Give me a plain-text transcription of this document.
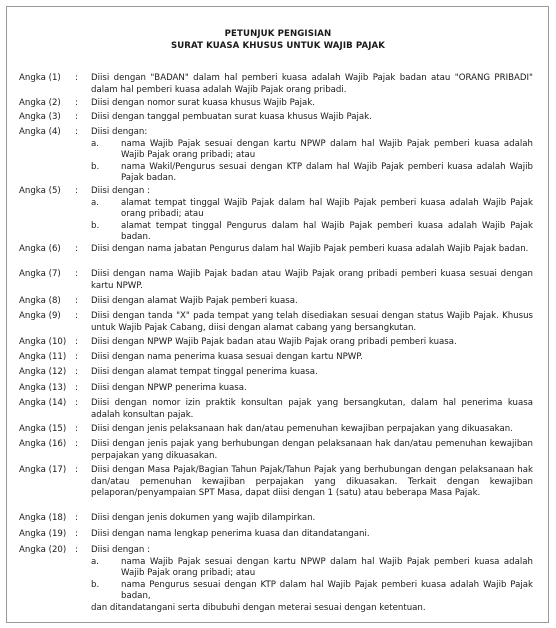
PETUNJUK PENGISIAN
SURAT KUASA KHUSUS UNTUK WAJIB PAJAK
Angka (1) : Diisi dengan "BADAN" dalam hal pemberi kuasa adalah Wajib Pajak badan atau "ORANG PRIBADI" dalam hal pemberi kuasa adalah Wajib Pajak orang pribadi.
Angka (2) : Diisi dengan nomor surat kuasa khusus Wajib Pajak.
Angka (3) : Diisi dengan tanggal pembuatan surat kuasa khusus Wajib Pajak.
Angka (4) : Diisi dengan:
a.	nama Wajib Pajak sesuai dengan kartu NPWP dalam hal Wajib Pajak pemberi kuasa adalah Wajib Pajak orang pribadi; atau
b.	nama Wakil/Pengurus sesuai dengan KTP dalam hal Wajib Pajak pemberi kuasa adalah Wajib Pajak badan.
Angka (5) : Diisi dengan :
a.	alamat tempat tinggal Wajib Pajak dalam hal Wajib Pajak pemberi kuasa adalah Wajib Pajak orang pribadi; atau
b.	alamat tempat tinggal Pengurus dalam hal Wajib Pajak pemberi kuasa adalah Wajib Pajak badan.
Angka (6) : Diisi dengan nama jabatan Pengurus dalam hal Wajib Pajak pemberi kuasa adalah Wajib Pajak badan.
Angka (7) : Diisi dengan nama Wajib Pajak badan atau Wajib Pajak orang pribadi pemberi kuasa sesuai dengan kartu NPWP.
Angka (8) : Diisi dengan alamat Wajib Pajak pemberi kuasa.
Angka (9) : Diisi dengan tanda "X" pada tempat yang telah disediakan sesuai dengan status Wajib Pajak. Khusus untuk Wajib Pajak Cabang, diisi dengan alamat cabang yang bersangkutan.
Angka (10) : Diisi dengan NPWP Wajib Pajak badan atau Wajib Pajak orang pribadi pemberi kuasa.
Angka (11) : Diisi dengan nama penerima kuasa sesuai dengan kartu NPWP.
Angka (12) : Diisi dengan alamat tempat tinggal penerima kuasa.
Angka (13) : Diisi dengan NPWP penerima kuasa.
Angka (14) : Diisi dengan nomor izin praktik konsultan pajak yang bersangkutan, dalam hal penerima kuasa adalah konsultan pajak.
Angka (15) : Diisi dengan jenis pelaksanaan hak dan/atau pemenuhan kewajiban perpajakan yang dikuasakan.
Angka (16) : Diisi dengan jenis pajak yang berhubungan dengan pelaksanaan hak dan/atau pemenuhan kewajiban perpajakan yang dikuasakan.
Angka (17) : Diisi dengan Masa Pajak/Bagian Tahun Pajak/Tahun Pajak yang berhubungan dengan pelaksanaan hak dan/atau pemenuhan kewajiban perpajakan yang dikuasakan. Terkait dengan kewajiban pelaporan/penyampaian SPT Masa, dapat diisi dengan 1 (satu) atau beberapa Masa Pajak.
Angka (18) : Diisi dengan jenis dokumen yang wajib dilampirkan.
Angka (19) : Diisi dengan nama lengkap penerima kuasa dan ditandatangani.
Angka (20) : Diisi dengan :
a.	nama Wajib Pajak sesuai dengan kartu NPWP dalam hal Wajib Pajak pemberi kuasa adalah Wajib Pajak orang pribadi; atau
b.	nama Pengurus sesuai dengan KTP dalam hal Wajib Pajak pemberi kuasa adalah Wajib Pajak badan,
dan ditandatangani serta dibubuhi dengan meterai sesuai dengan ketentuan.
